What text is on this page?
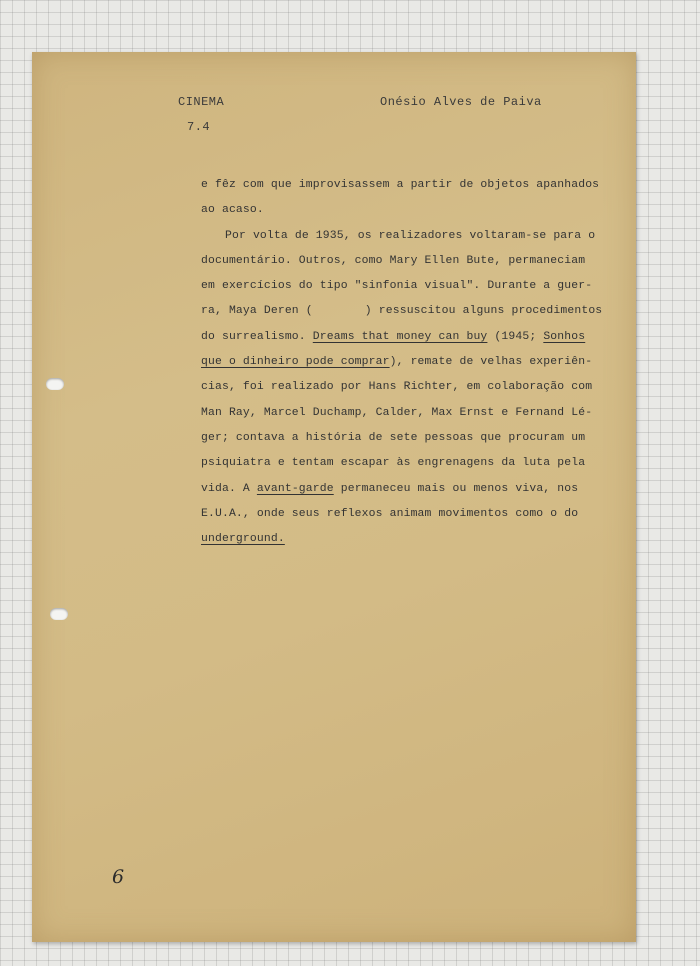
CINEMA
7.4
Onésio Alves de Paiva
e fêz com que improvisassem a partir de objetos apanhados
ao acaso.
Por volta de 1935, os realizadores voltaram-se para o
documentário. Outros, como Mary Ellen Bute, permaneciam
em exercícios do tipo "sinfonia visual". Durante a guer-
ra, Maya Deren (	) ressuscitou alguns procedimentos
do surrealismo. Dreams that money can buy (1945; Sonhos
que o dinheiro pode comprar), remate de velhas experiên-
cias, foi realizado por Hans Richter, em colaboração com
Man Ray, Marcel Duchamp, Calder, Max Ernst e Fernand Lé-
ger; contava a história de sete pessoas que procuram um
psiquiatra e tentam escapar às engrenagens da luta pela
vida. A avant-garde permaneceu mais ou menos viva, nos
E.U.A., onde seus reflexos animam movimentos como o do
underground.
6
